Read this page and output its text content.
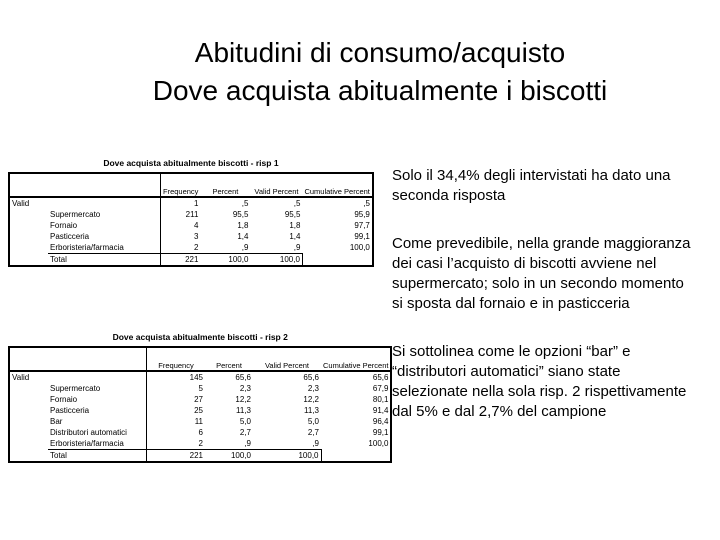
Abitudini di consumo/acquisto
Dove acquista abitualmente i biscotti
Dove acquista abitualmente biscotti - risp 1
		Frequency	Percent	Valid Percent	Cumulative Percent
Valid		1	,5	,5	,5
	Supermercato	211	95,5	95,5	95,9
	Fornaio	4	1,8	1,8	97,7
	Pasticceria	3	1,4	1,4	99,1
	Erboristeria/farmacia	2	,9	,9	100,0
	Total	221	100,0	100,0	
Dove acquista abitualmente biscotti - risp 2
		Frequency	Percent	Valid Percent	Cumulative Percent
Valid		145	65,6	65,6	65,6
	Supermercato	5	2,3	2,3	67,9
	Fornaio	27	12,2	12,2	80,1
	Pasticceria	25	11,3	11,3	91,4
	Bar	11	5,0	5,0	96,4
	Distributori automatici	6	2,7	2,7	99,1
	Erboristeria/farmacia	2	,9	,9	100,0
	Total	221	100,0	100,0	

Solo il 34,4% degli intervistati ha dato una seconda risposta

Come prevedibile, nella grande maggioranza dei casi l’acquisto di biscotti avviene nel supermercato; solo in un secondo momento si sposta dal fornaio e in pasticceria

Si sottolinea come le opzioni “bar” e “distributori automatici” siano state selezionate nella sola risp. 2 rispettivamente dal 5% e dal 2,7% del campione
